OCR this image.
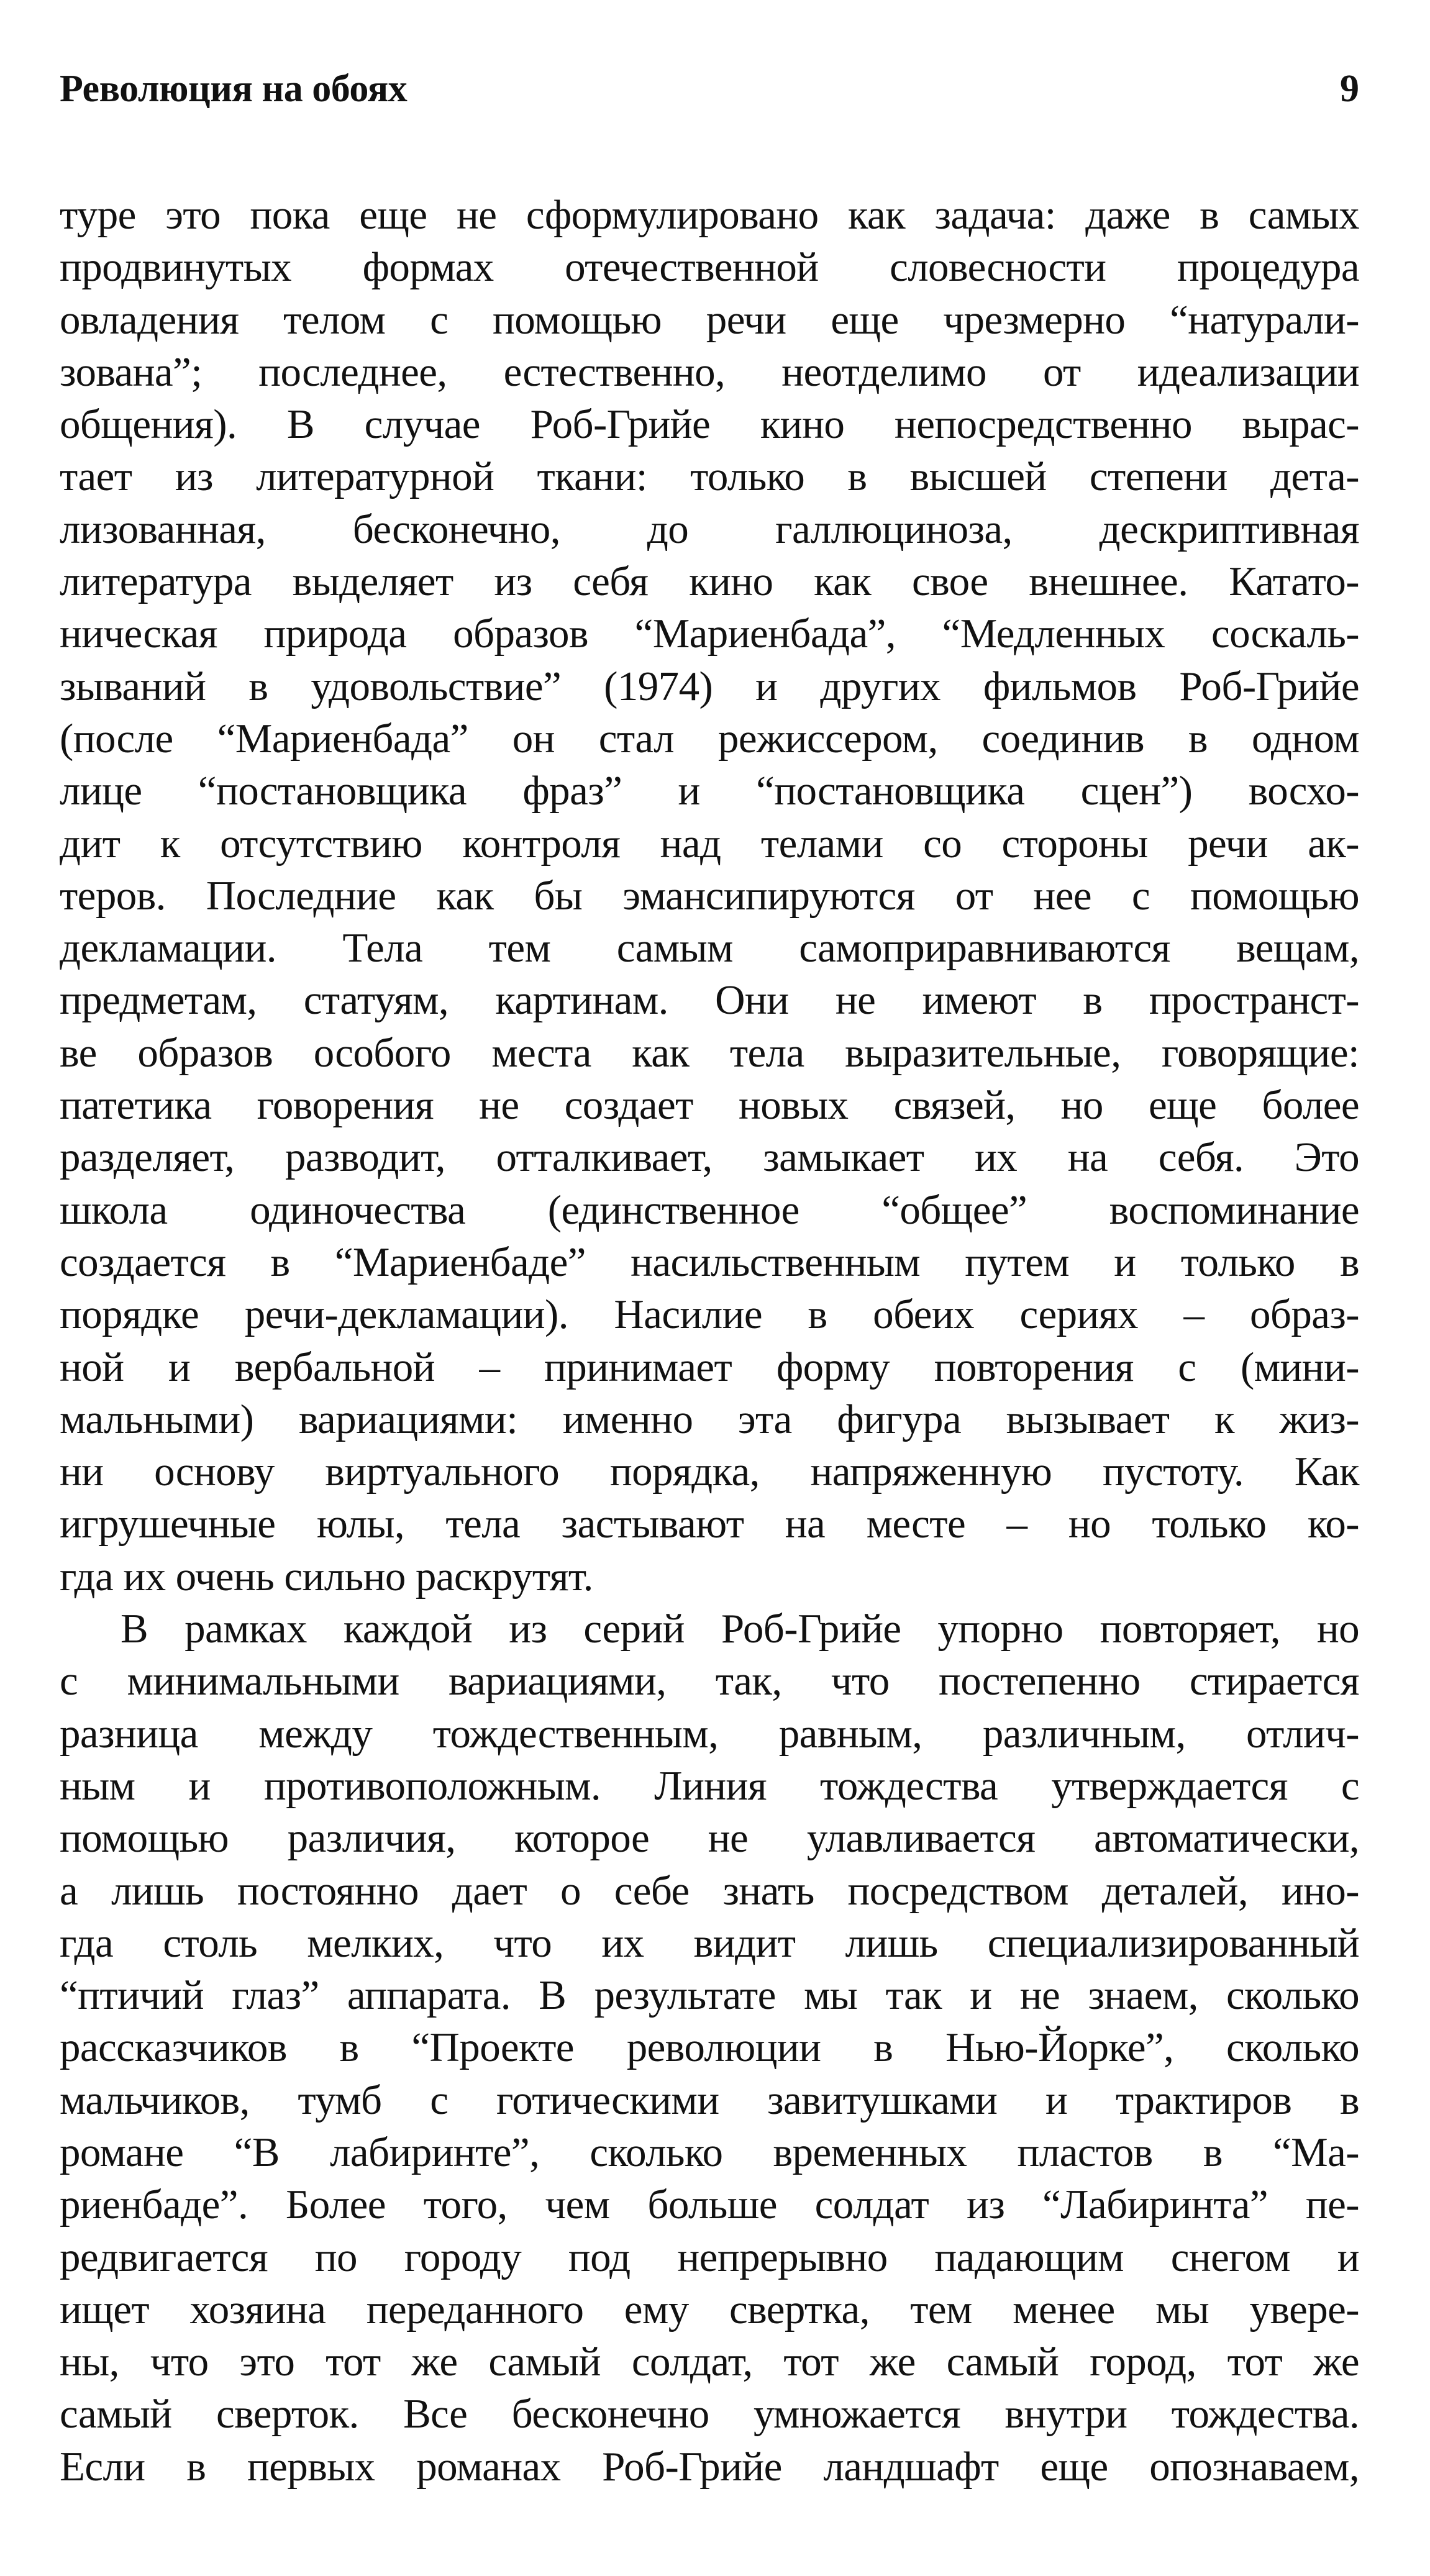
Революция на обоях	9
туре это пока еще не сформулировано как задача: даже в самых
продвинутых формах отечественной словесности процедура
овладения телом с помощью речи еще чрезмерно “натурали-
зована”; последнее, естественно, неотделимо от идеализации
общения). В случае Роб-Грийе кино непосредственно вырас-
тает из литературной ткани: только в высшей степени дета-
лизованная, бесконечно, до галлюциноза, дескриптивная
литература выделяет из себя кино как свое внешнее. Катато-
ническая природа образов “Мариенбада”, “Медленных соскаль-
зываний в удовольствие” (1974) и других фильмов Роб-Грийе
(после “Мариенбада” он стал режиссером, соединив в одном
лице “постановщика фраз” и “постановщика сцен”) восхо-
дит к отсутствию контроля над телами со стороны речи ак-
теров. Последние как бы эмансипируются от нее с помощью
декламации. Тела тем самым самоприравниваются вещам,
предметам, статуям, картинам. Они не имеют в пространст-
ве образов особого места как тела выразительные, говорящие:
патетика говорения не создает новых связей, но еще более
разделяет, разводит, отталкивает, замыкает их на себя. Это
школа одиночества (единственное “общее” воспоминание
создается в “Мариенбаде” насильственным путем и только в
порядке речи-декламации). Насилие в обеих сериях – образ-
ной и вербальной – принимает форму повторения с (мини-
мальными) вариациями: именно эта фигура вызывает к жиз-
ни основу виртуального порядка, напряженную пустоту. Как
игрушечные юлы, тела застывают на месте – но только ко-
гда их очень сильно раскрутят.
В рамках каждой из серий Роб-Грийе упорно повторяет, но
с минимальными вариациями, так, что постепенно стирается
разница между тождественным, равным, различным, отлич-
ным и противоположным. Линия тождества утверждается с
помощью различия, которое не улавливается автоматически,
а лишь постоянно дает о себе знать посредством деталей, ино-
гда столь мелких, что их видит лишь специализированный
“птичий глаз” аппарата. В результате мы так и не знаем, сколько
рассказчиков в “Проекте революции в Нью-Йорке”, сколько
мальчиков, тумб с готическими завитушками и трактиров в
романе “В лабиринте”, сколько временных пластов в “Ма-
риенбаде”. Более того, чем больше солдат из “Лабиринта” пе-
редвигается по городу под непрерывно падающим снегом и
ищет хозяина переданного ему свертка, тем менее мы увере-
ны, что это тот же самый солдат, тот же самый город, тот же
самый сверток. Все бесконечно умножается внутри тождества.
Если в первых романах Роб-Грийе ландшафт еще опознаваем,
